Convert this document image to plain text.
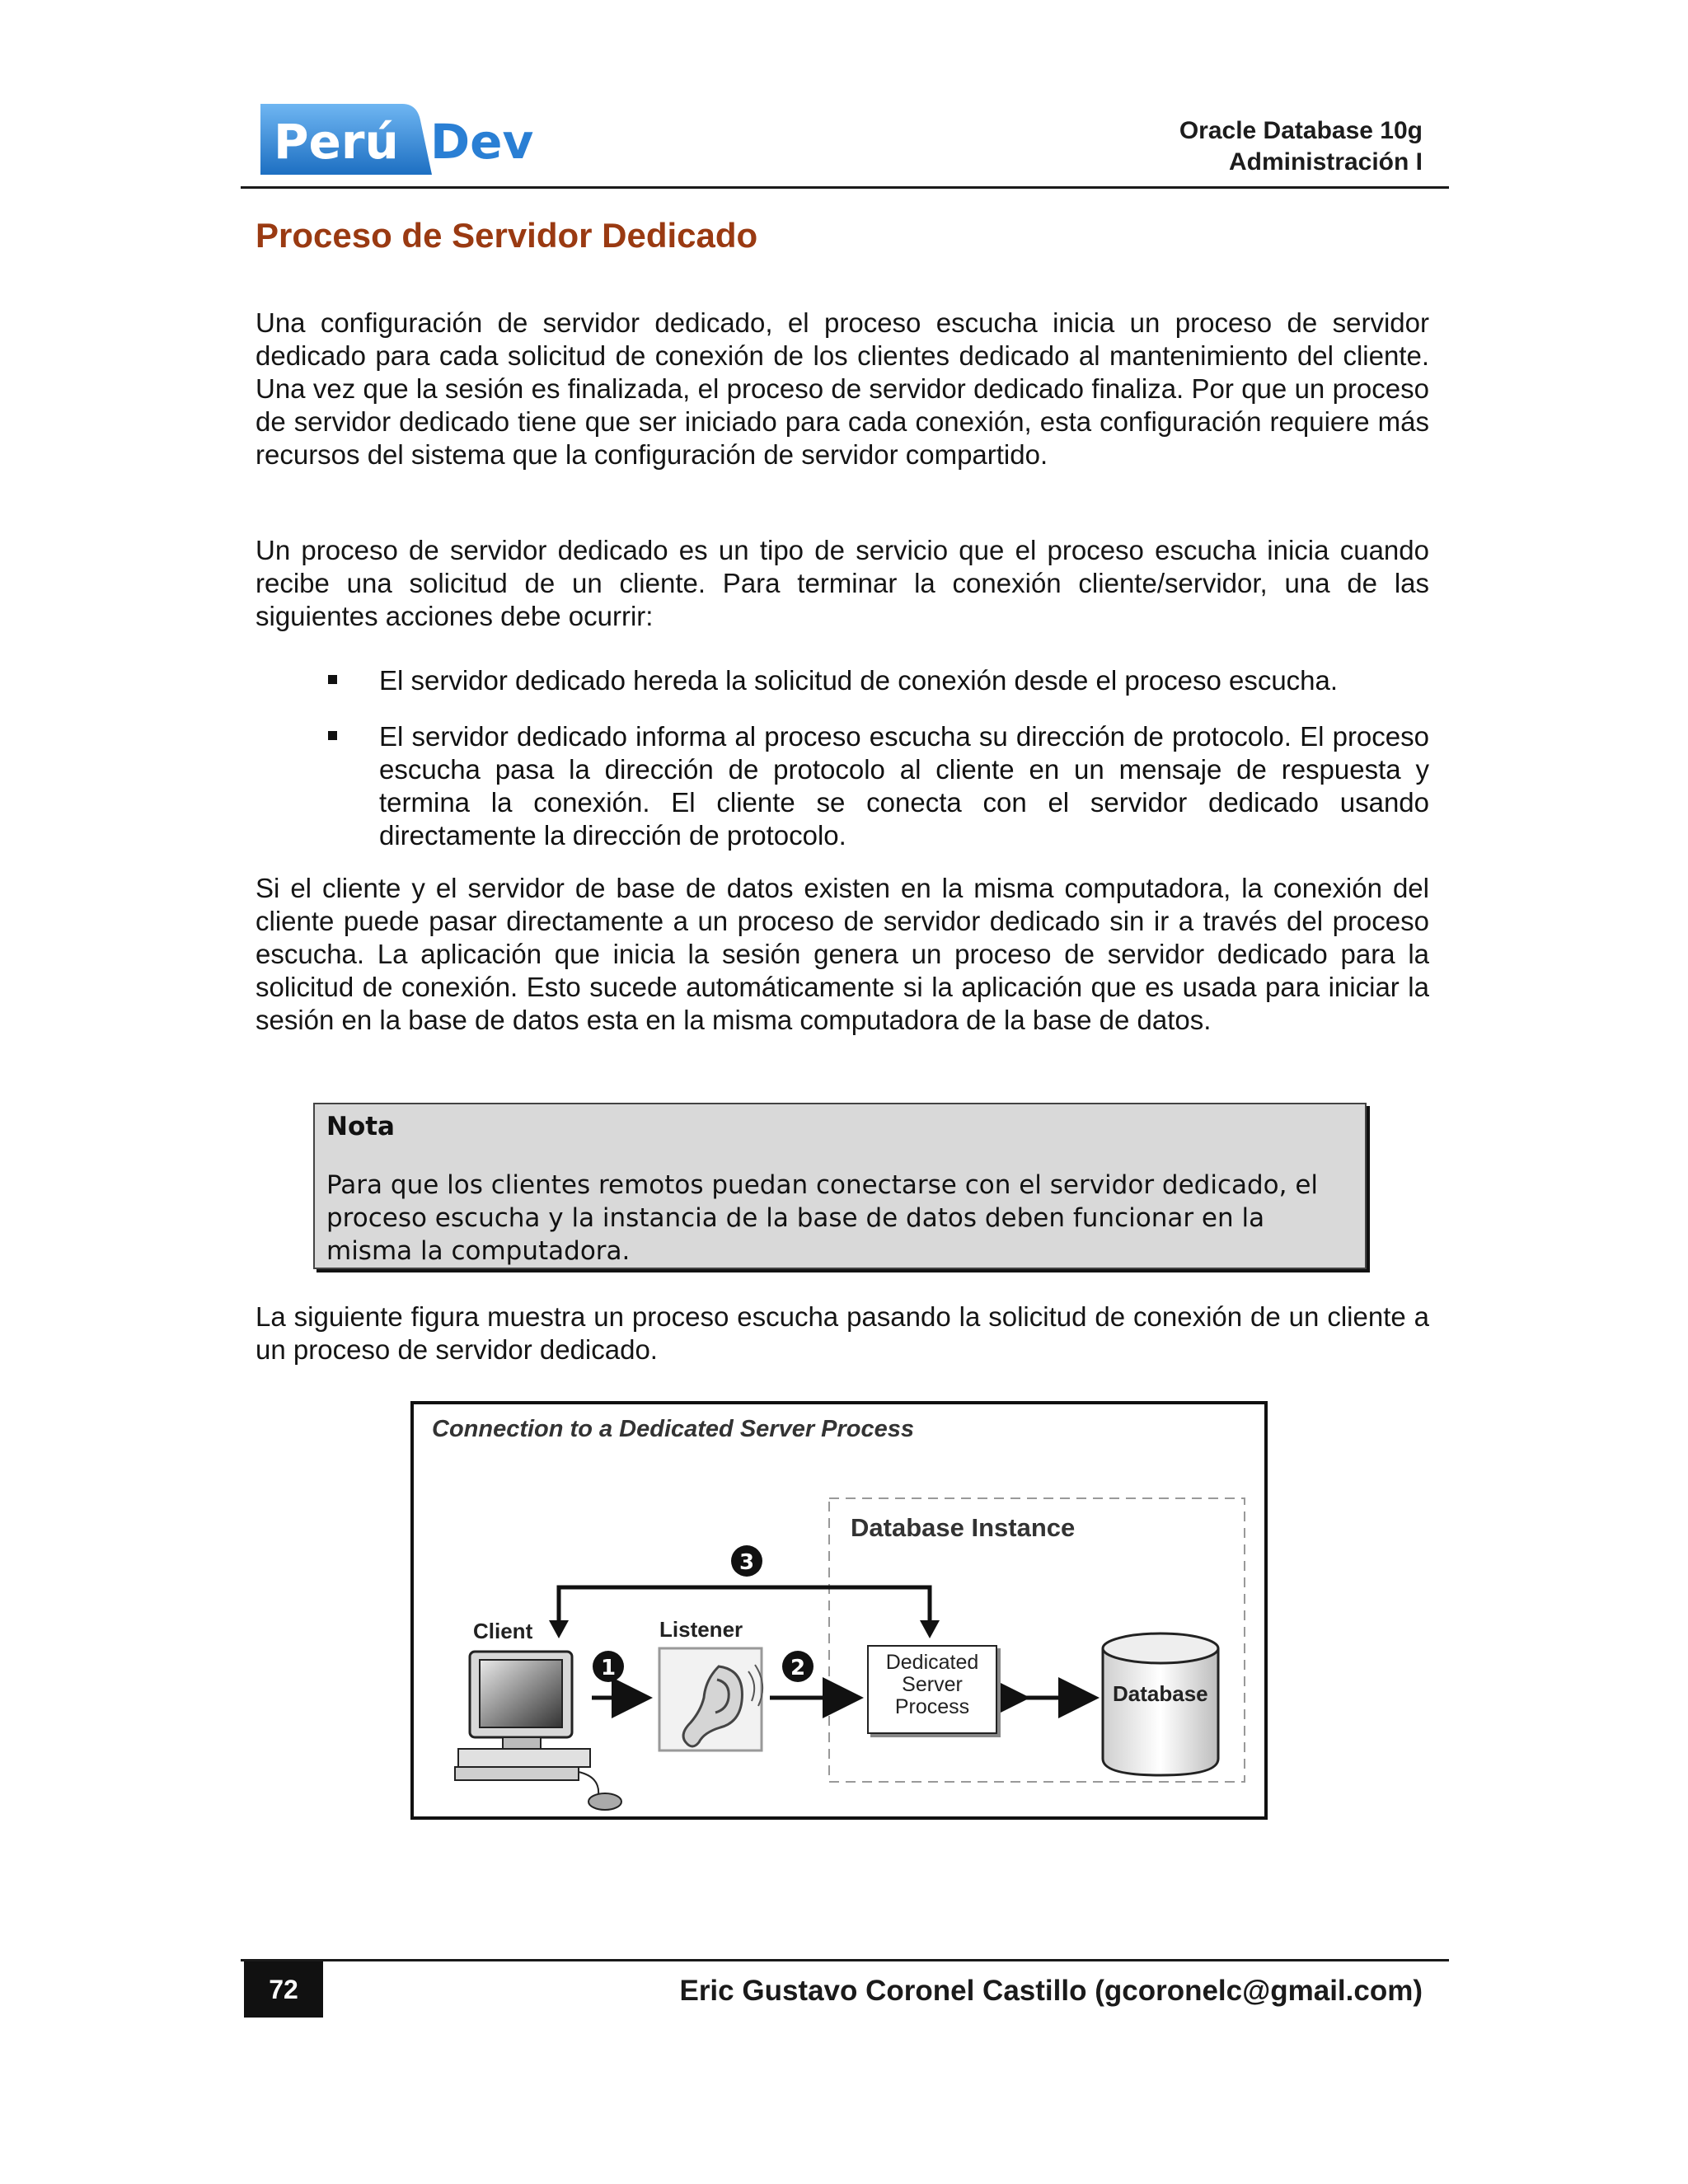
Perú Dev	Oracle Database 10g
Administración I
Proceso de Servidor Dedicado
Una configuración de servidor dedicado, el proceso escucha inicia un proceso de servidor dedicado para cada solicitud de conexión de los clientes dedicado al mantenimiento del cliente. Una vez que la sesión es finalizada, el proceso de servidor dedicado finaliza. Por que un proceso de servidor dedicado tiene que ser iniciado para cada conexión, esta configuración requiere más recursos del sistema que la configuración de servidor compartido.
Un proceso de servidor dedicado es un tipo de servicio que el proceso escucha inicia cuando recibe una solicitud de un cliente. Para terminar la conexión cliente/servidor, una de las siguientes acciones debe ocurrir:
El servidor dedicado hereda la solicitud de conexión desde el proceso escucha.
El servidor dedicado informa al proceso escucha su dirección de protocolo. El proceso escucha pasa la dirección de protocolo al cliente en un mensaje de respuesta y termina la conexión. El cliente se conecta con el servidor dedicado usando directamente la dirección de protocolo.
Si el cliente y el servidor de base de datos existen en la misma computadora, la conexión del cliente puede pasar directamente a un proceso de servidor dedicado sin ir a través del proceso escucha. La aplicación que inicia la sesión genera un proceso de servidor dedicado para la solicitud de conexión. Esto sucede automáticamente si la aplicación que es usada para iniciar la sesión en la base de datos esta en la misma computadora de la base de datos.
Nota
Para que los clientes remotos puedan conectarse con el servidor dedicado, el proceso escucha y la instancia de la base de datos deben funcionar en la misma la computadora.
La siguiente figura muestra un proceso escucha pasando la solicitud de conexión de un cliente a un proceso de servidor dedicado.
3
1	2
Connection to a Dedicated Server Process
Database Instance
Client	Listener
Dedicated
Server
Process
Database
72	Eric Gustavo Coronel Castillo (gcoronelc@gmail.com)
